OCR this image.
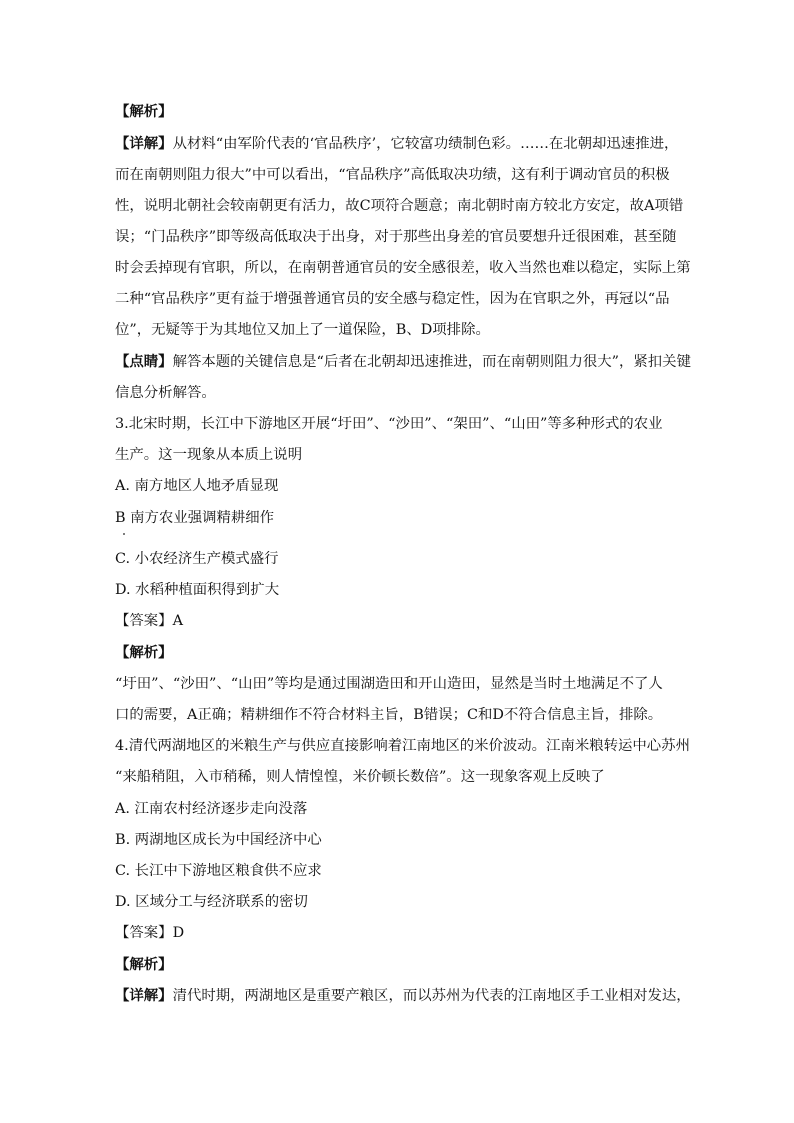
【解析】
【详解】从材料“由军阶代表的‘官品秩序’，它较富功绩制色彩。……在北朝却迅速推进，
而在南朝则阻力很大”中可以看出，“官品秩序”高低取决功绩，这有利于调动官员的积极
性，说明北朝社会较南朝更有活力，故C项符合题意；南北朝时南方较北方安定，故A项错
误；“门品秩序”即等级高低取决于出身，对于那些出身差的官员要想升迁很困难，甚至随
时会丢掉现有官职，所以，在南朝普通官员的安全感很差，收入当然也难以稳定，实际上第
二种“官品秩序”更有益于增强普通官员的安全感与稳定性，因为在官职之外，再冠以“品
位”，无疑等于为其地位又加上了一道保险，B、D项排除。
【点睛】解答本题的关键信息是“后者在北朝却迅速推进，而在南朝则阻力很大”，紧扣关键
信息分析解答。
3.北宋时期，长江中下游地区开展“圩田”、“沙田”、“架田”、“山田”等多种形式的农业
生产。这一现象从本质上说明
A. 南方地区人地矛盾显现
B 南方农业强调精耕细作
C. 小农经济生产模式盛行
D. 水稻种植面积得到扩大
【答案】A
【解析】
“圩田”、“沙田”、“山田”等均是通过围湖造田和开山造田，显然是当时土地满足不了人
口的需要，A正确；精耕细作不符合材料主旨，B错误；C和D不符合信息主旨，排除。
4.清代两湖地区的米粮生产与供应直接影响着江南地区的米价波动。江南米粮转运中心苏州
“来船稍阻，入市稍稀，则人情惶惶，米价顿长数倍”。这一现象客观上反映了
A. 江南农村经济逐步走向没落
B. 两湖地区成长为中国经济中心
C. 长江中下游地区粮食供不应求
D. 区域分工与经济联系的密切
【答案】D
【解析】
【详解】清代时期，两湖地区是重要产粮区，而以苏州为代表的江南地区手工业相对发达，
